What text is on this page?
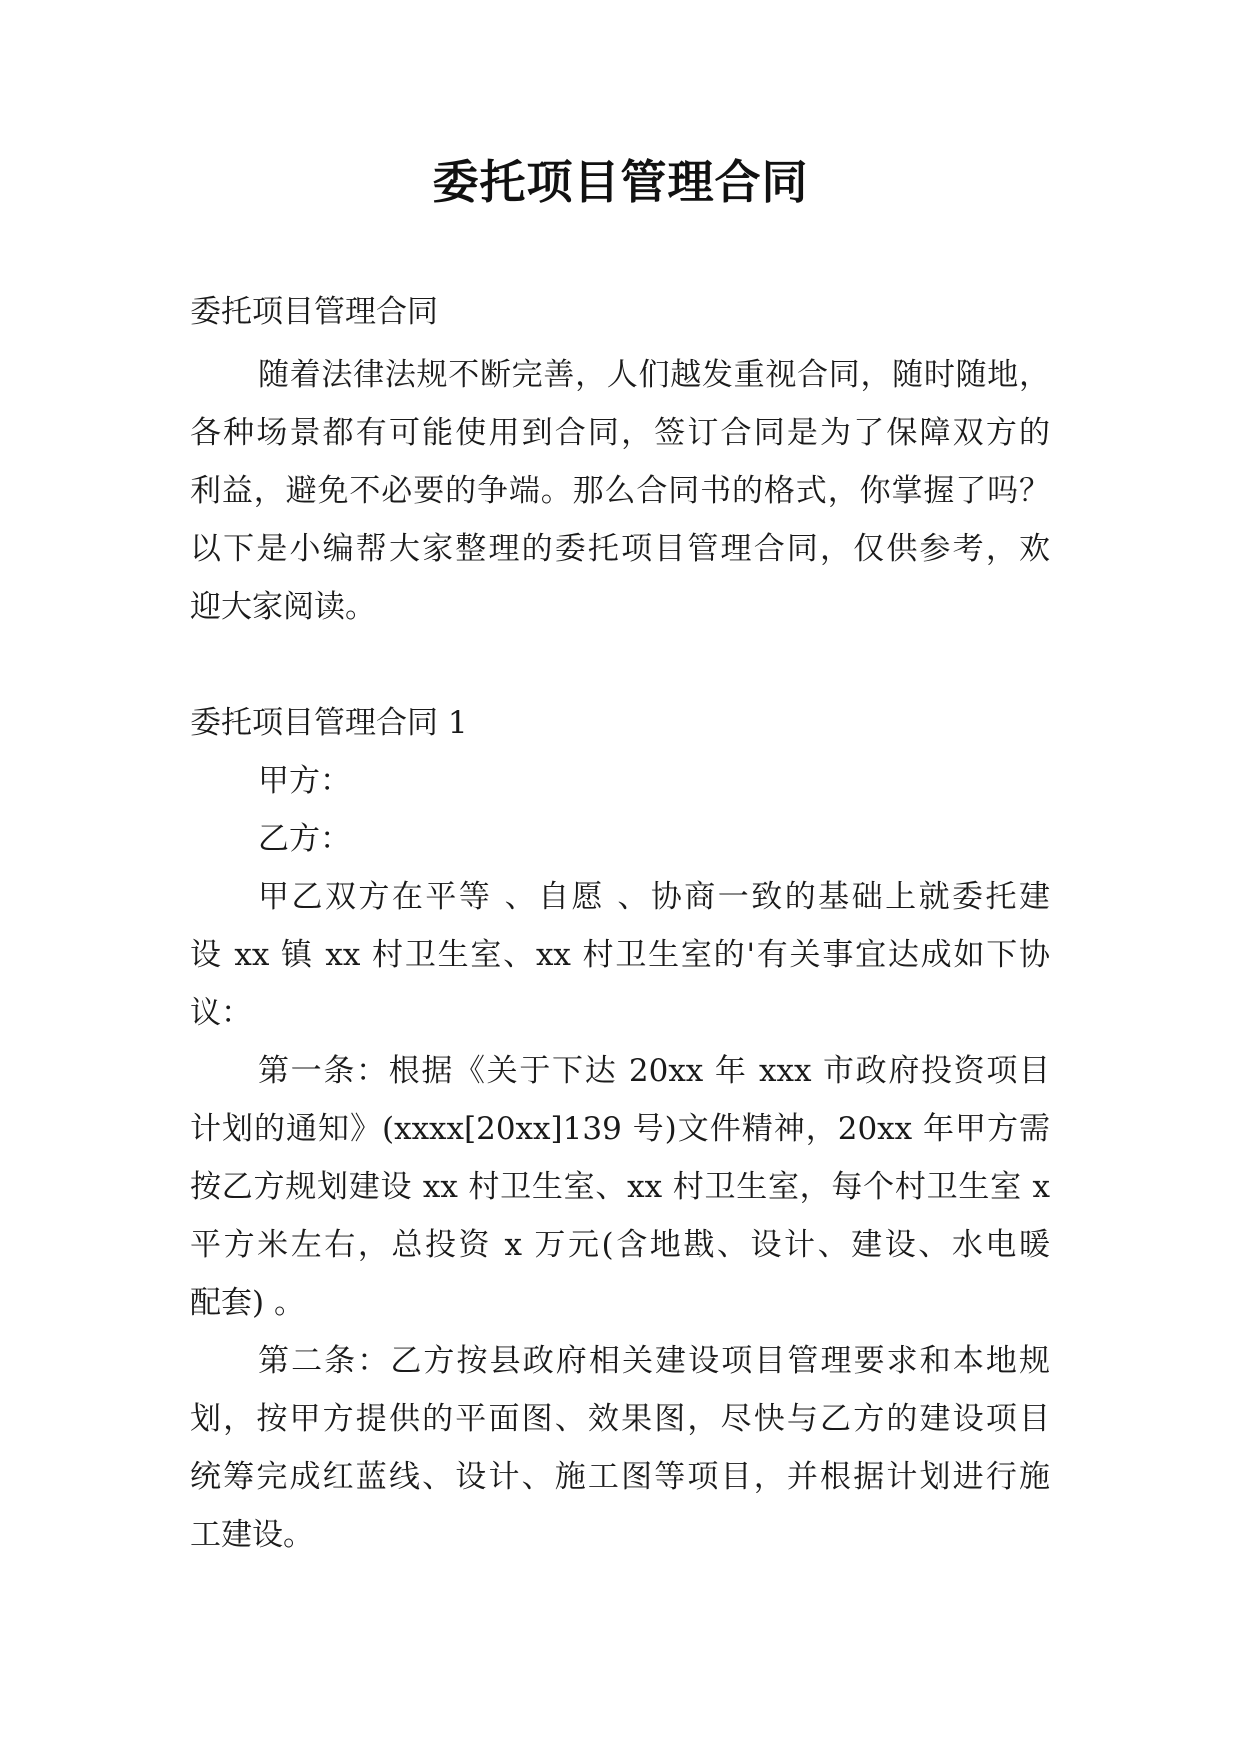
委托项目管理合同
委托项目管理合同
随着法律法规不断完善，人们越发重视合同，随时随地，
各种场景都有可能使用到合同，签订合同是为了保障双方的
利益，避免不必要的争端。那么合同书的格式，你掌握了吗？
以下是小编帮大家整理的委托项目管理合同，仅供参考，欢
迎大家阅读。
委托项目管理合同 1
甲方：
乙方：
甲乙双方在平等 、自愿 、协商一致的基础上就委托建
设 xx 镇 xx 村卫生室、xx 村卫生室的'有关事宜达成如下协
议：
第一条：根据《关于下达 20xx 年 xxx 市政府投资项目
计划的通知》(xxxx[20xx]139 号)文件精神，20xx 年甲方需
按乙方规划建设 xx 村卫生室、xx 村卫生室，每个村卫生室 x
平方米左右，总投资 x 万元(含地戡、设计、建设、水电暖
配套) 。
第二条：乙方按县政府相关建设项目管理要求和本地规
划，按甲方提供的平面图、效果图，尽快与乙方的建设项目
统筹完成红蓝线、设计、施工图等项目，并根据计划进行施
工建设。
